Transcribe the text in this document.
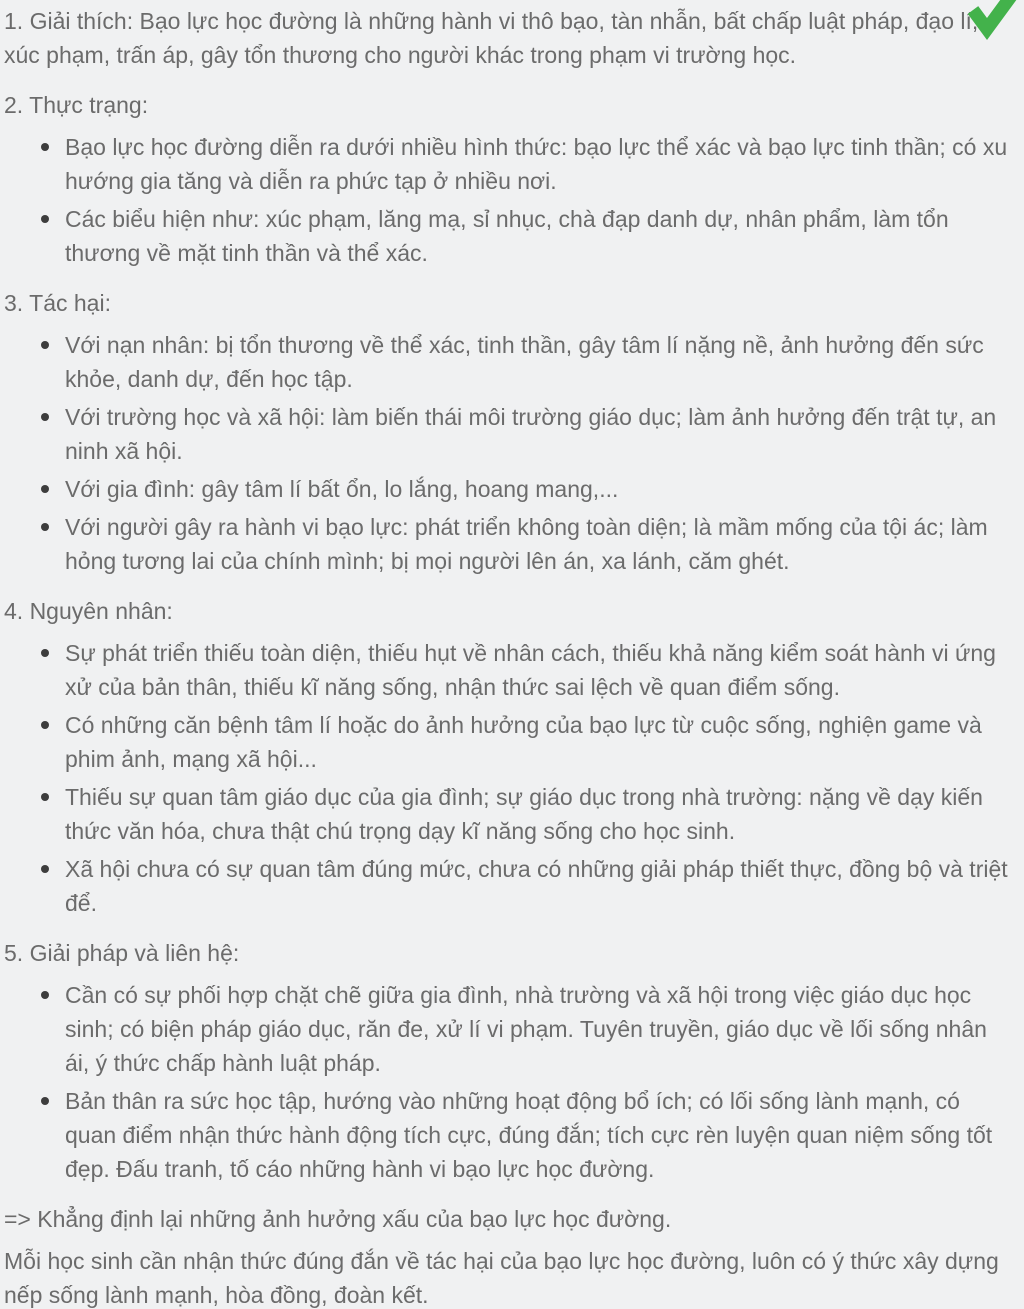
1. Giải thích: Bạo lực học đường là những hành vi thô bạo, tàn nhẫn, bất chấp luật pháp, đạo lí, xúc phạm, trấn áp, gây tổn thương cho người khác trong phạm vi trường học.

2. Thực trạng:

Bạo lực học đường diễn ra dưới nhiều hình thức: bạo lực thể xác và bạo lực tinh thần; có xu hướng gia tăng và diễn ra phức tạp ở nhiều nơi.
Các biểu hiện như: xúc phạm, lăng mạ, sỉ nhục, chà đạp danh dự, nhân phẩm, làm tổn thương về mặt tinh thần và thể xác.

3. Tác hại:

Với nạn nhân: bị tổn thương về thể xác, tinh thần, gây tâm lí nặng nề, ảnh hưởng đến sức khỏe, danh dự, đến học tập.
Với trường học và xã hội: làm biến thái môi trường giáo dục; làm ảnh hưởng đến trật tự, an ninh xã hội.
Với gia đình: gây tâm lí bất ổn, lo lắng, hoang mang,...
Với người gây ra hành vi bạo lực: phát triển không toàn diện; là mầm mống của tội ác; làm hỏng tương lai của chính mình; bị mọi người lên án, xa lánh, căm ghét.

4. Nguyên nhân:

Sự phát triển thiếu toàn diện, thiếu hụt về nhân cách, thiếu khả năng kiểm soát hành vi ứng xử của bản thân, thiếu kĩ năng sống, nhận thức sai lệch về quan điểm sống.
Có những căn bệnh tâm lí hoặc do ảnh hưởng của bạo lực từ cuộc sống, nghiện game và phim ảnh, mạng xã hội...
Thiếu sự quan tâm giáo dục của gia đình; sự giáo dục trong nhà trường: nặng về dạy kiến thức văn hóa, chưa thật chú trọng dạy kĩ năng sống cho học sinh.
Xã hội chưa có sự quan tâm đúng mức, chưa có những giải pháp thiết thực, đồng bộ và triệt để.

5. Giải pháp và liên hệ:

Cần có sự phối hợp chặt chẽ giữa gia đình, nhà trường và xã hội trong việc giáo dục học sinh; có biện pháp giáo dục, răn đe, xử lí vi phạm. Tuyên truyền, giáo dục về lối sống nhân ái, ý thức chấp hành luật pháp.
Bản thân ra sức học tập, hướng vào những hoạt động bổ ích; có lối sống lành mạnh, có quan điểm nhận thức hành động tích cực, đúng đắn; tích cực rèn luyện quan niệm sống tốt đẹp. Đấu tranh, tố cáo những hành vi bạo lực học đường.

=> Khẳng định lại những ảnh hưởng xấu của bạo lực học đường.

Mỗi học sinh cần nhận thức đúng đắn về tác hại của bạo lực học đường, luôn có ý thức xây dựng nếp sống lành mạnh, hòa đồng, đoàn kết.
